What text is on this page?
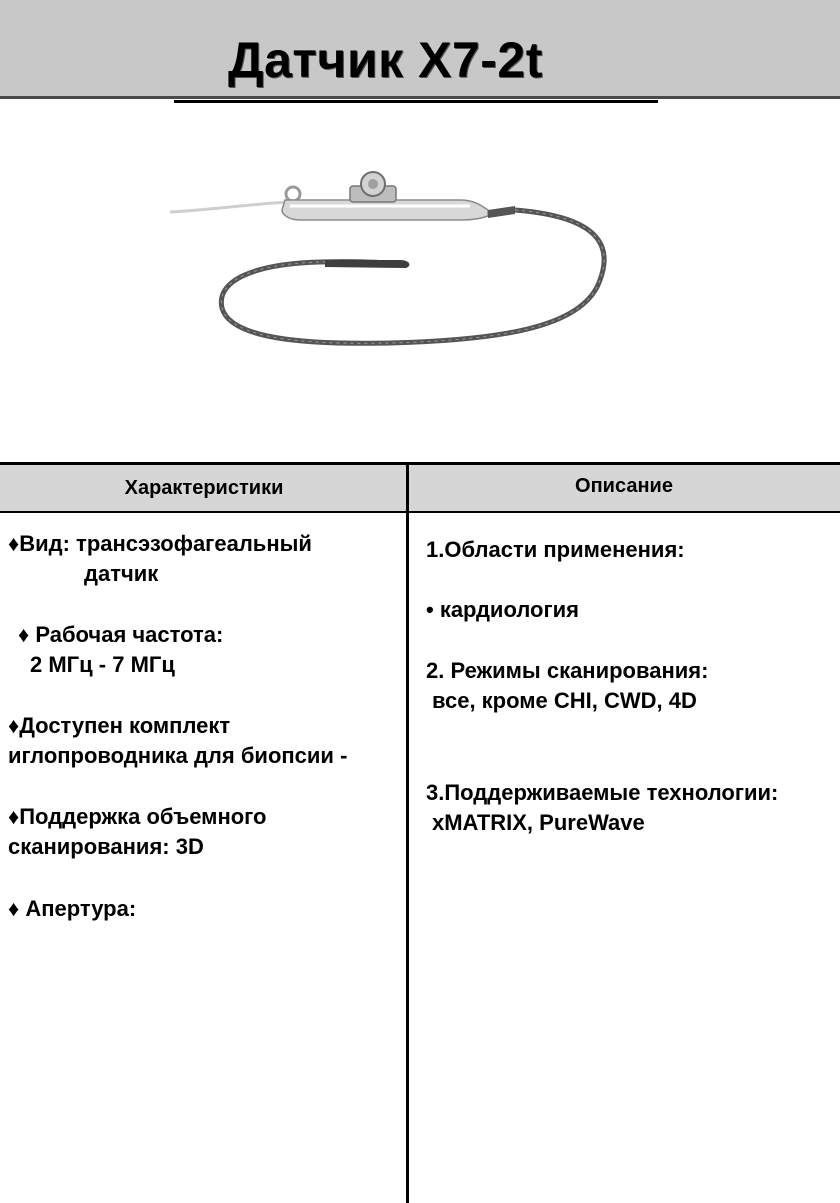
Датчик X7-2t
Характеристики	Описание
♦Вид: трансэзофагеальный
датчик
♦ Рабочая частота:
2 МГц - 7 МГц
♦Доступен комплект
иглопроводника для биопсии -
♦Поддержка объемного
сканирования: 3D
♦ Апертура:
1.Области применения:
• кардиология
2. Режимы сканирования:
все, кроме CHI, CWD, 4D
3.Поддерживаемые технологии:
xMATRIX, PureWave
